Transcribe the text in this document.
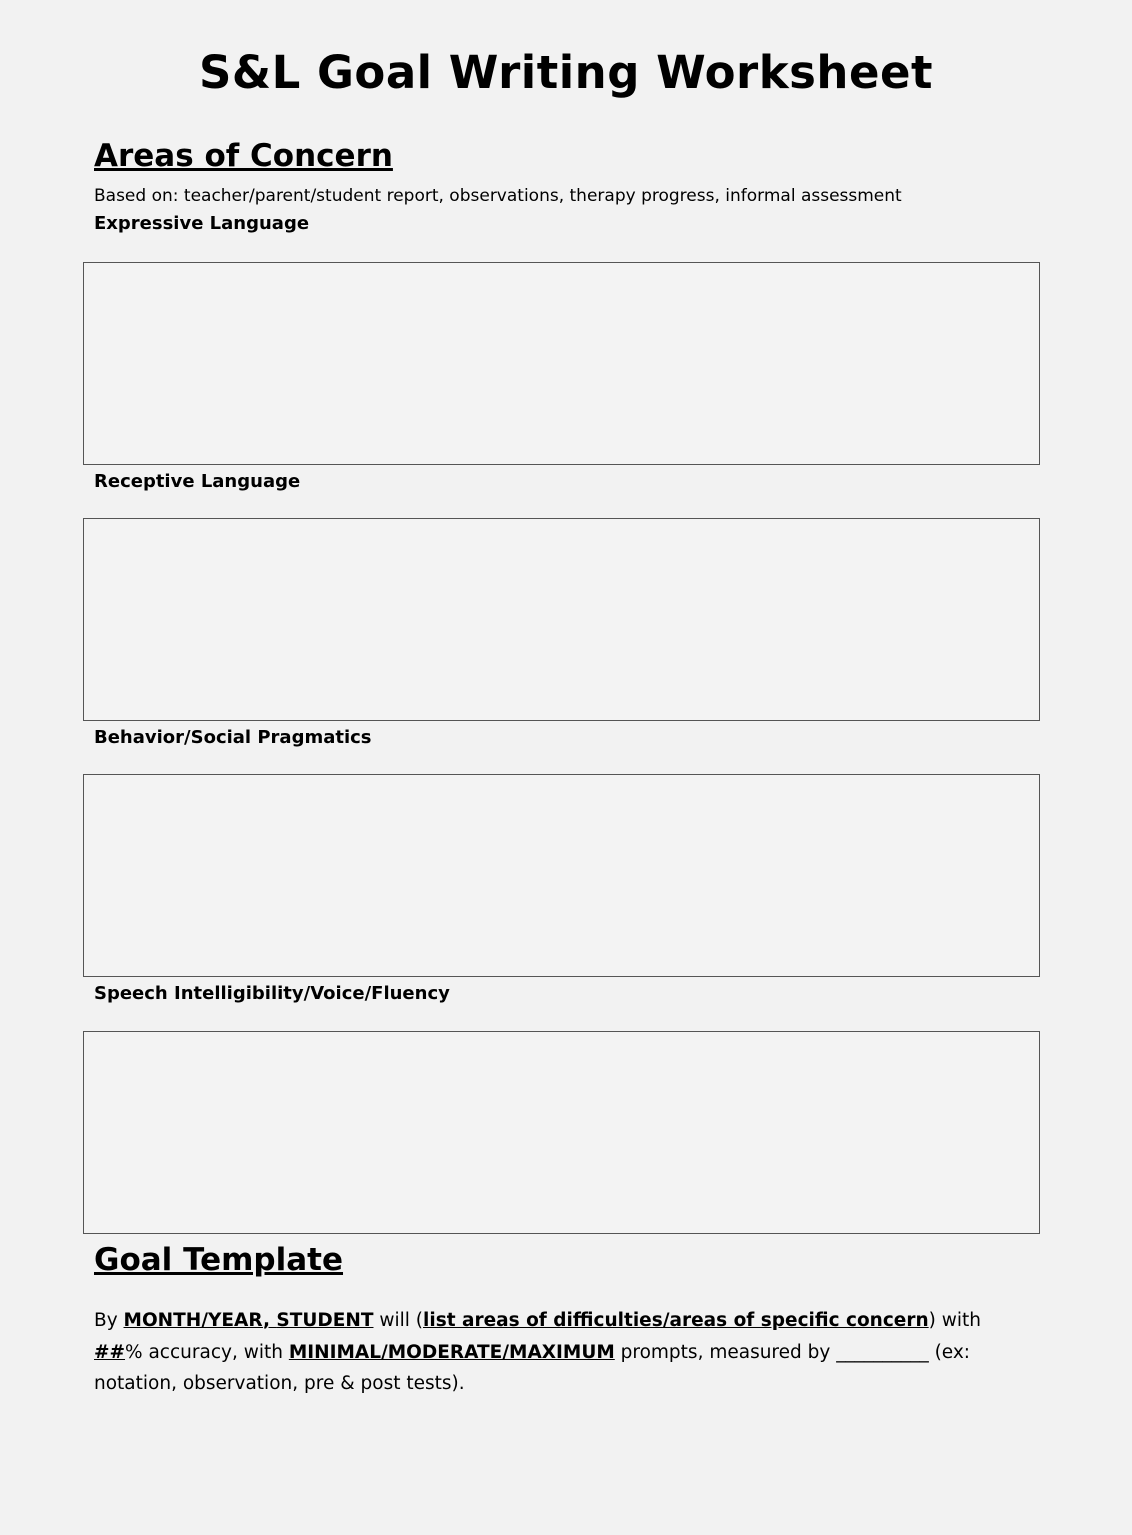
S&L Goal Writing Worksheet
Areas of Concern
Based on: teacher/parent/student report, observations, therapy progress, informal assessment
Expressive Language
Receptive Language
Behavior/Social Pragmatics
Speech Intelligibility/Voice/Fluency
Goal Template
By MONTH/YEAR, STUDENT will (list areas of difficulties/areas of specific concern) with ##% accuracy, with MINIMAL/MODERATE/MAXIMUM prompts, measured by __________ (ex: notation, observation, pre & post tests).
